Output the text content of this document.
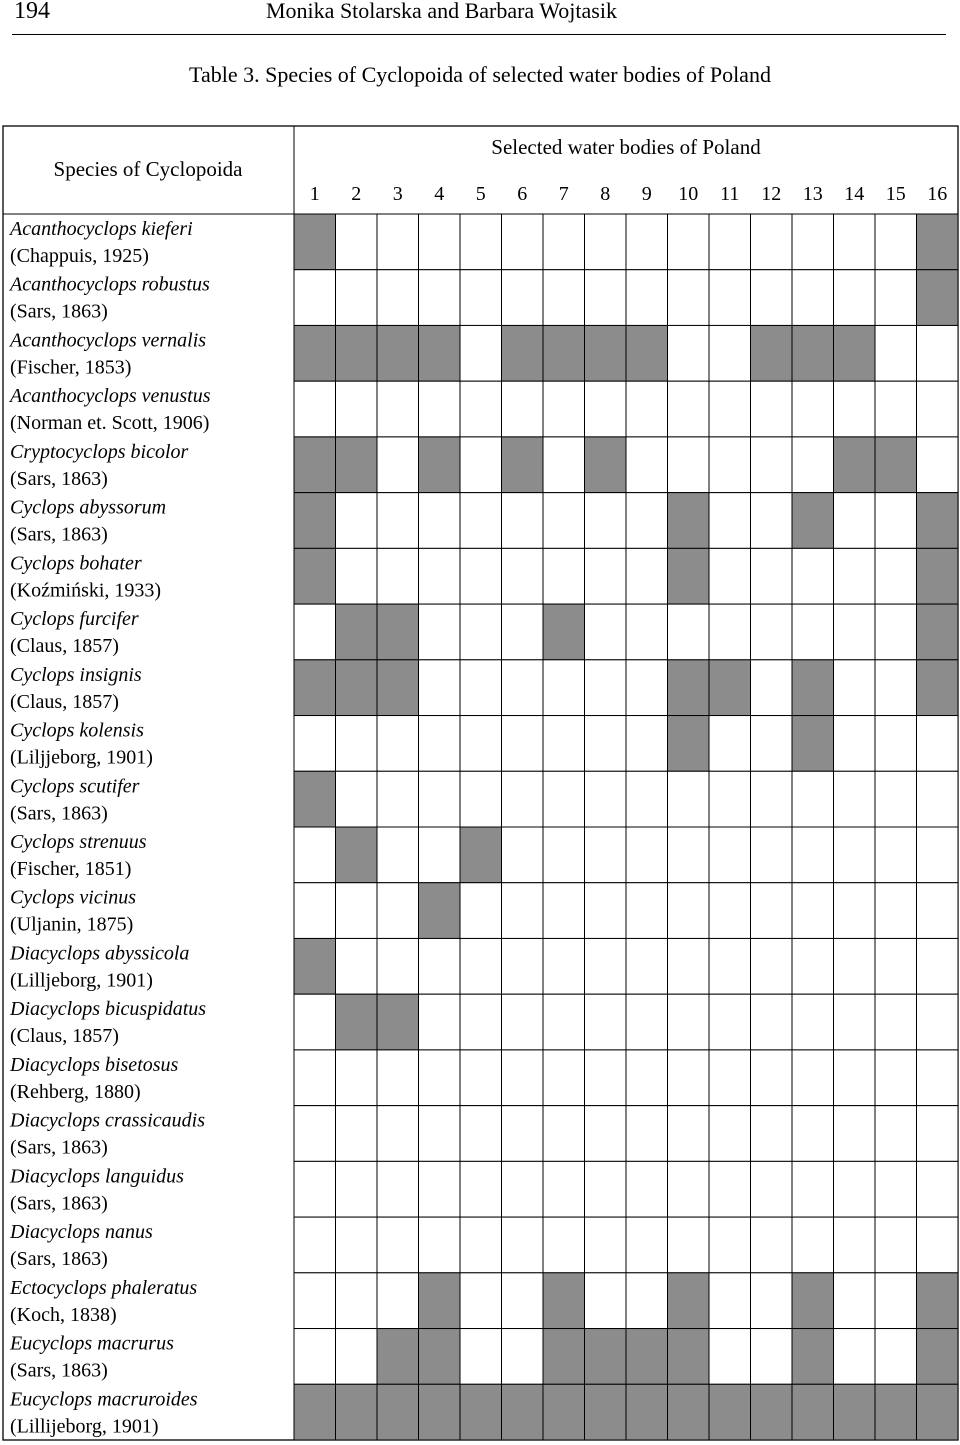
194	Monika Stolarska and Barbara Wojtasik
Table 3. Species of Cyclopoida of selected water bodies of Poland
Species of Cyclopoida
Selected water bodies of Poland
1 2 3 4 5 6 7 8 9 10 11 12 13 14 15 16
Acanthocyclops kieferi
(Chappuis, 1925)
Acanthocyclops robustus
(Sars, 1863)
Acanthocyclops vernalis
(Fischer, 1853)
Acanthocyclops venustus
(Norman et. Scott, 1906)
Cryptocyclops bicolor
(Sars, 1863)
Cyclops abyssorum
(Sars, 1863)
Cyclops bohater
(Koźmiński, 1933)
Cyclops furcifer
(Claus, 1857)
Cyclops insignis
(Claus, 1857)
Cyclops kolensis
(Liljjeborg, 1901)
Cyclops scutifer
(Sars, 1863)
Cyclops strenuus
(Fischer, 1851)
Cyclops vicinus
(Uljanin, 1875)
Diacyclops abyssicola
(Lilljeborg, 1901)
Diacyclops bicuspidatus
(Claus, 1857)
Diacyclops bisetosus
(Rehberg, 1880)
Diacyclops crassicaudis
(Sars, 1863)
Diacyclops languidus
(Sars, 1863)
Diacyclops nanus
(Sars, 1863)
Ectocyclops phaleratus
(Koch, 1838)
Eucyclops macrurus
(Sars, 1863)
Eucyclops macruroides
(Lillijeborg, 1901)
